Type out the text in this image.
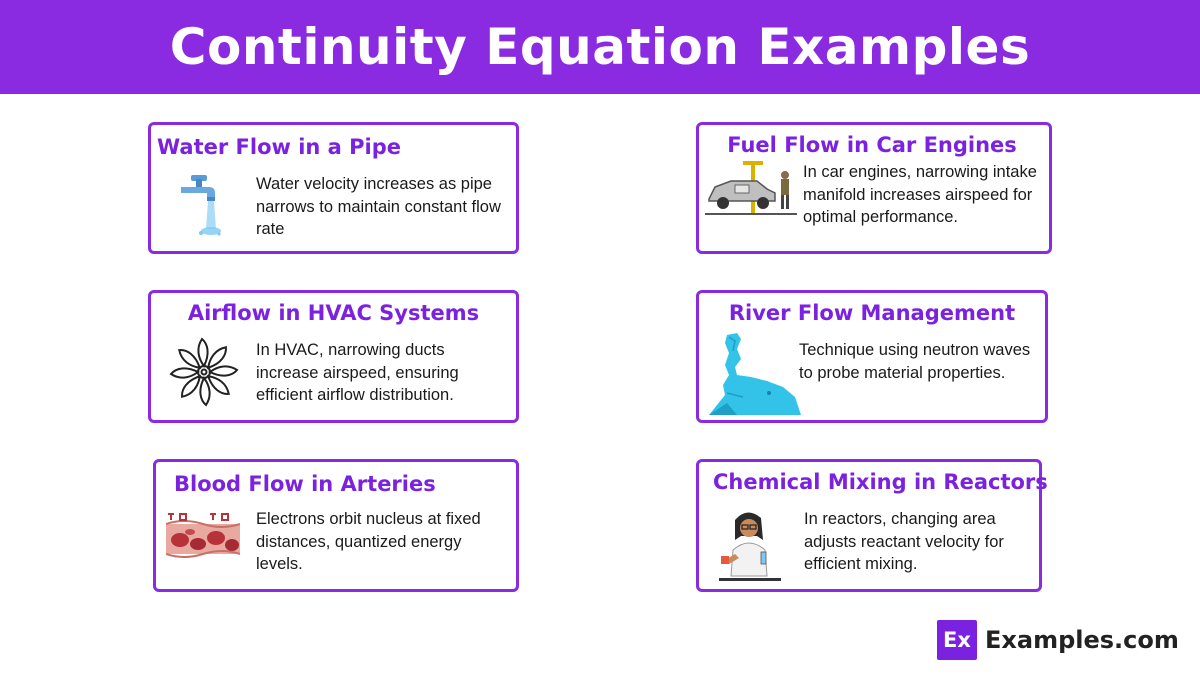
Continuity Equation Examples
Water Flow in a Pipe
Water velocity increases as pipe narrows to maintain constant flow rate
Fuel Flow in Car Engines
In car engines, narrowing intake manifold increases airspeed for optimal performance.
Airflow in HVAC Systems
In HVAC, narrowing ducts increase airspeed, ensuring efficient airflow distribution.
River Flow Management
Technique using neutron waves to probe material properties.
Blood Flow in Arteries
Electrons orbit nucleus at fixed distances, quantized energy levels.
Chemical Mixing in Reactors
In reactors, changing area adjusts reactant velocity for efficient mixing.
Ex Examples.com
